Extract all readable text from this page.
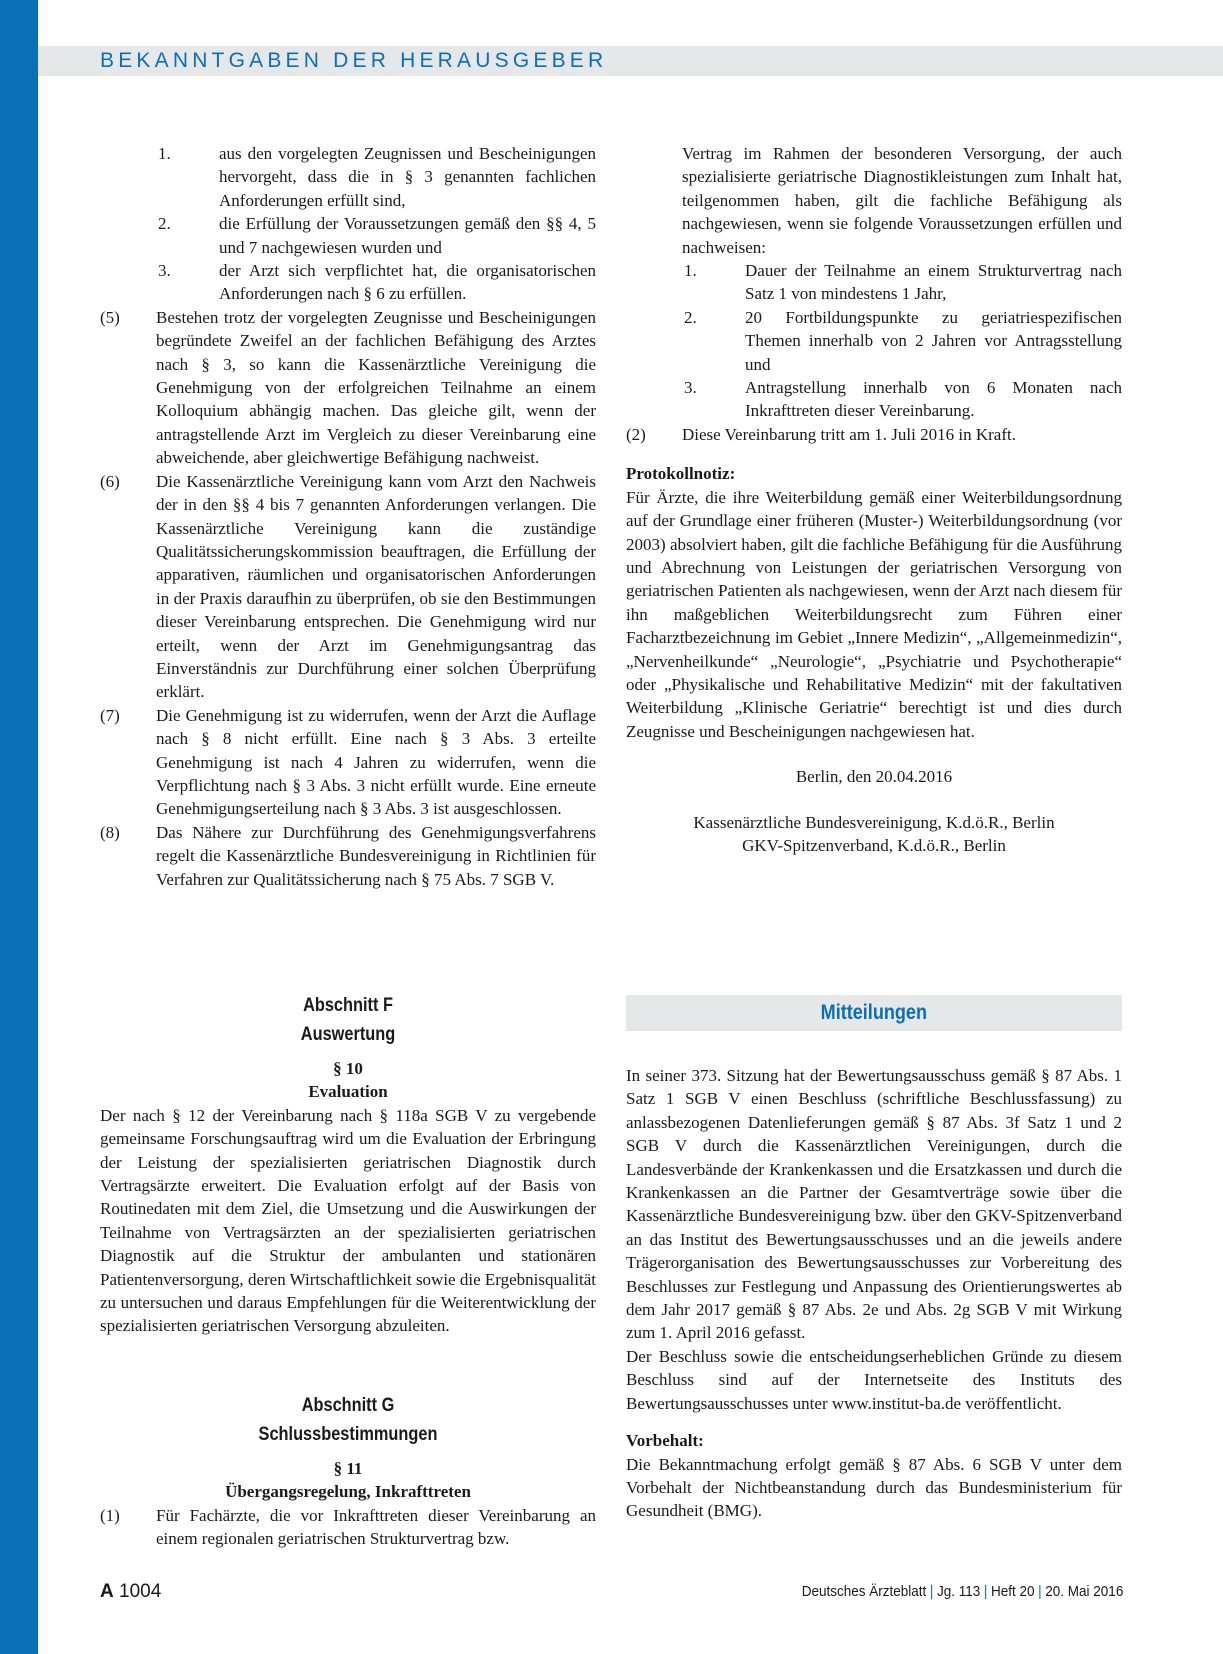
BEKANNTGABEN DER HERAUSGEBER
1.	aus den vorgelegten Zeugnissen und Bescheinigungen hervorgeht, dass die in § 3 genannten fachlichen Anforderungen erfüllt sind,
2.	die Erfüllung der Voraussetzungen gemäß den §§ 4, 5 und 7 nachgewiesen wurden und
3.	der Arzt sich verpflichtet hat, die organisatorischen Anforderungen nach § 6 zu erfüllen.
(5) Bestehen trotz der vorgelegten Zeugnisse und Bescheinigungen begründete Zweifel an der fachlichen Befähigung des Arztes nach § 3, so kann die Kassenärztliche Vereinigung die Genehmigung von der erfolgreichen Teilnahme an einem Kolloquium abhängig machen. Das gleiche gilt, wenn der antragstellende Arzt im Vergleich zu dieser Vereinbarung eine abweichende, aber gleichwertige Befähigung nachweist.
(6) Die Kassenärztliche Vereinigung kann vom Arzt den Nachweis der in den §§ 4 bis 7 genannten Anforderungen verlangen. Die Kassenärztliche Vereinigung kann die zuständige Qualitätssicherungskommission beauftragen, die Erfüllung der apparativen, räumlichen und organisatorischen Anforderungen in der Praxis daraufhin zu überprüfen, ob sie den Bestimmungen dieser Vereinbarung entsprechen. Die Genehmigung wird nur erteilt, wenn der Arzt im Genehmigungsantrag das Einverständnis zur Durchführung einer solchen Überprüfung erklärt.
(7) Die Genehmigung ist zu widerrufen, wenn der Arzt die Auflage nach § 8 nicht erfüllt. Eine nach § 3 Abs. 3 erteilte Genehmigung ist nach 4 Jahren zu widerrufen, wenn die Verpflichtung nach § 3 Abs. 3 nicht erfüllt wurde. Eine erneute Genehmigungserteilung nach § 3 Abs. 3 ist ausgeschlossen.
(8) Das Nähere zur Durchführung des Genehmigungsverfahrens regelt die Kassenärztliche Bundesvereinigung in Richtlinien für Verfahren zur Qualitätssicherung nach § 75 Abs. 7 SGB V.
Abschnitt F
Auswertung
§ 10
Evaluation

Der nach § 12 der Vereinbarung nach § 118a SGB V zu vergebende gemeinsame Forschungsauftrag wird um die Evaluation der Erbringung der Leistung der spezialisierten geriatrischen Diagnostik durch Vertragsärzte erweitert. Die Evaluation erfolgt auf der Basis von Routinedaten mit dem Ziel, die Umsetzung und die Auswirkungen der Teilnahme von Vertragsärzten an der spezialisierten geriatrischen Diagnostik auf die Struktur der ambulanten und stationären Patientenversorgung, deren Wirtschaftlichkeit sowie die Ergebnisqualität zu untersuchen und daraus Empfehlungen für die Weiterentwicklung der spezialisierten geriatrischen Versorgung abzuleiten.

Abschnitt G
Schlussbestimmungen
§ 11
Übergangsregelung, Inkrafttreten
(1) Für Fachärzte, die vor Inkrafttreten dieser Vereinbarung an einem regionalen geriatrischen Strukturvertrag bzw.

Vertrag im Rahmen der besonderen Versorgung, der auch spezialisierte geriatrische Diagnostikleistungen zum Inhalt hat, teilgenommen haben, gilt die fachliche Befähigung als nachgewiesen, wenn sie folgende Voraussetzungen erfüllen und nachweisen:

1.	Dauer der Teilnahme an einem Strukturvertrag nach Satz 1 von mindestens 1 Jahr,
2.	20 Fortbildungspunkte zu geriatriespezifischen Themen innerhalb von 2 Jahren vor Antragsstellung und
3.	Antragstellung innerhalb von 6 Monaten nach Inkrafttreten dieser Vereinbarung.
(2) Diese Vereinbarung tritt am 1. Juli 2016 in Kraft.
Protokollnotiz:

Für Ärzte, die ihre Weiterbildung gemäß einer Weiterbildungsordnung auf der Grundlage einer früheren (Muster-) Weiterbildungsordnung (vor 2003) absolviert haben, gilt die fachliche Befähigung für die Ausführung und Abrechnung von Leistungen der geriatrischen Versorgung von geriatrischen Patienten als nachgewiesen, wenn der Arzt nach diesem für ihn maßgeblichen Weiterbildungsrecht zum Führen einer Facharztbezeichnung im Gebiet „Innere Medizin“, „Allgemeinmedizin“, „Nervenheilkunde“ „Neurologie“, „Psychiatrie und Psychotherapie“ oder „Physikalische und Rehabilitative Medizin“ mit der fakultativen Weiterbildung „Klinische Geriatrie“ berechtigt ist und dies durch Zeugnisse und Bescheinigungen nachgewiesen hat.

Berlin, den 20.04.2016
Kassenärztliche Bundesvereinigung, K.d.ö.R., Berlin
GKV-Spitzenverband, K.d.ö.R., Berlin
Mitteilungen

In seiner 373. Sitzung hat der Bewertungsausschuss gemäß § 87 Abs. 1 Satz 1 SGB V einen Beschluss (schriftliche Beschlussfassung) zu anlassbezogenen Datenlieferungen gemäß § 87 Abs. 3f Satz 1 und 2 SGB V durch die Kassenärztlichen Vereinigungen, durch die Landesverbände der Krankenkassen und die Ersatzkassen und durch die Krankenkassen an die Partner der Gesamtverträge sowie über die Kassenärztliche Bundesvereinigung bzw. über den GKV-Spitzenverband an das Institut des Bewertungsausschusses und an die jeweils andere Trägerorganisation des Bewertungsausschusses zur Vorbereitung des Beschlusses zur Festlegung und Anpassung des Orientierungswertes ab dem Jahr 2017 gemäß § 87 Abs. 2e und Abs. 2g SGB V mit Wirkung zum 1. April 2016 gefasst.

Der Beschluss sowie die entscheidungserheblichen Gründe zu diesem Beschluss sind auf der Internetseite des Instituts des Bewertungsausschusses unter www.institut-ba.de veröffentlicht.

Vorbehalt:

Die Bekanntmachung erfolgt gemäß § 87 Abs. 6 SGB V unter dem Vorbehalt der Nichtbeanstandung durch das Bundesministerium für Gesundheit (BMG).

A 1004	Deutsches Ärzteblatt | Jg. 113 | Heft 20 | 20. Mai 2016
